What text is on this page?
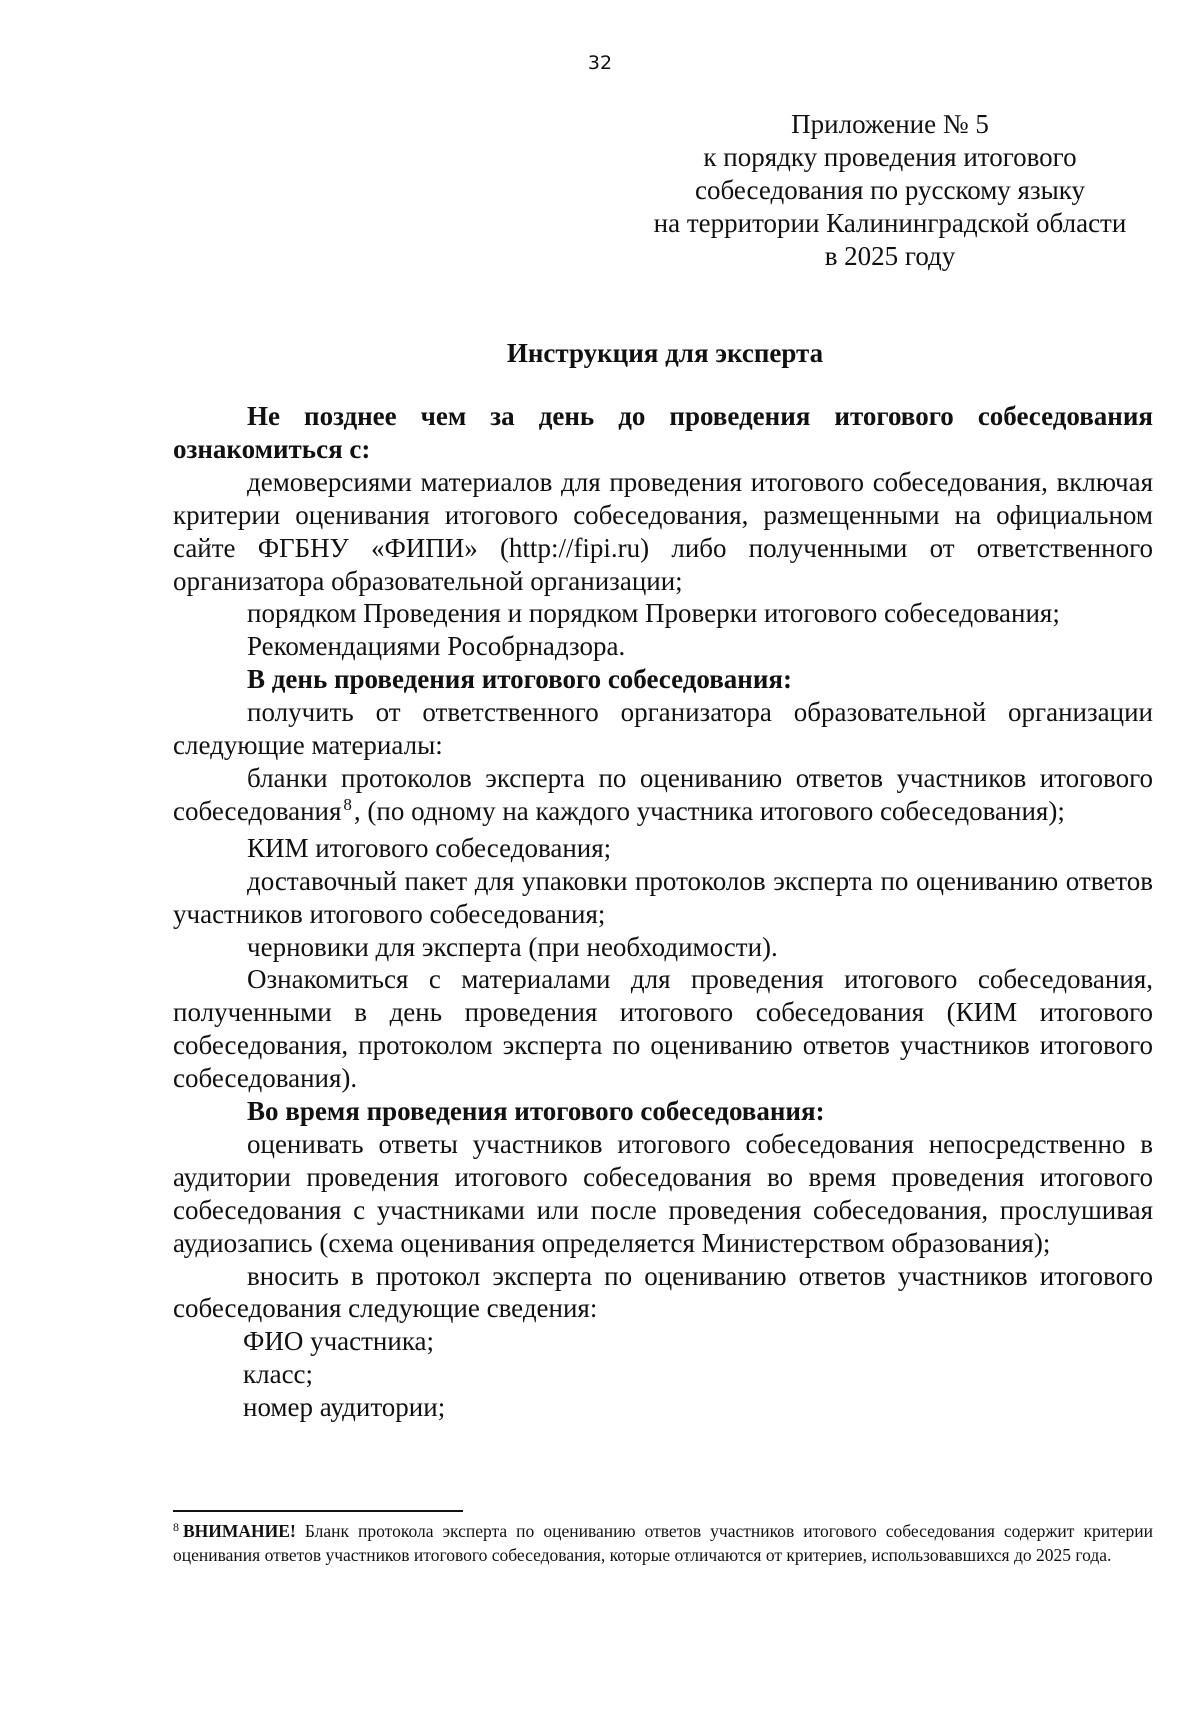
32
Приложение № 5
к порядку проведения итогового
собеседования по русскому языку
на территории Калининградской области
в 2025 году
Инструкция для эксперта

Не позднее чем за день до проведения итогового собеседования ознакомиться с:

демоверсиями материалов для проведения итогового собеседования, включая критерии оценивания итогового собеседования, размещенными на официальном сайте ФГБНУ «ФИПИ» (http://fipi.ru) либо полученными от ответственного организатора образовательной организации;

порядком Проведения и порядком Проверки итогового собеседования;

Рекомендациями Рособрнадзора.

В день проведения итогового собеседования:

получить от ответственного организатора образовательной организации следующие материалы:

бланки протоколов эксперта по оцениванию ответов участников итогового собеседования $^8$, (по одному на каждого участника итогового собеседования);

КИМ итогового собеседования;

доставочный пакет для упаковки протоколов эксперта по оцениванию ответов участников итогового собеседования;

черновики для эксперта (при необходимости).

Ознакомиться с материалами для проведения итогового собеседования, полученными в день проведения итогового собеседования (КИМ итогового собеседования, протоколом эксперта по оцениванию ответов участников итогового собеседования).

Во время проведения итогового собеседования:

оценивать ответы участников итогового собеседования непосредственно в аудитории проведения итогового собеседования во время проведения итогового собеседования с участниками или после проведения собеседования, прослушивая аудиозапись (схема оценивания определяется Министерством образования);

вносить в протокол эксперта по оцениванию ответов участников итогового собеседования следующие сведения:

ФИО участника;

класс;

номер аудитории;

$^8$ ВНИМАНИЕ! Бланк протокола эксперта по оцениванию ответов участников итогового собеседования содержит критерии оценивания ответов участников итогового собеседования, которые отличаются от критериев, использовавшихся до 2025 года.
